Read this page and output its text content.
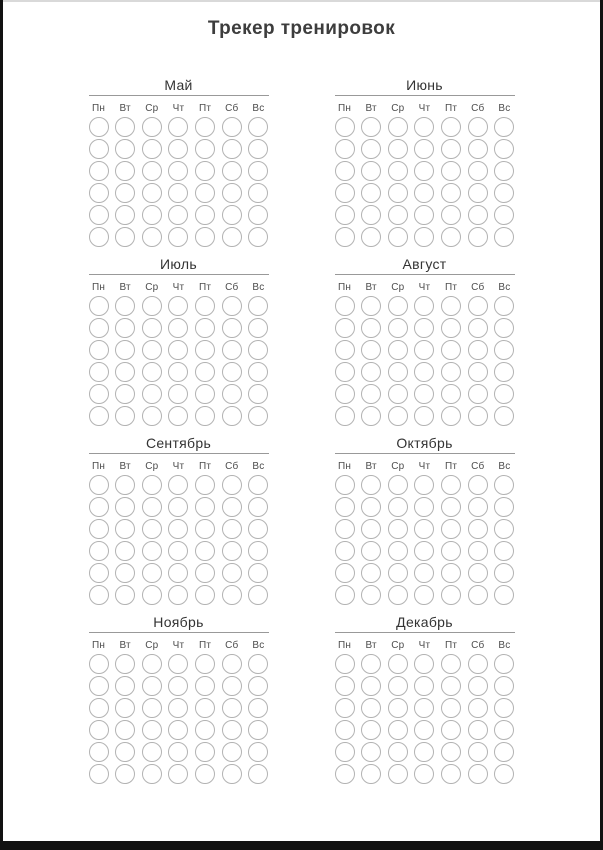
Трекер тренировок
Май
Пн	Вт	Ср	Чт	Пт	Сб	Вс
Июнь
Пн	Вт	Ср	Чт	Пт	Сб	Вс
Июль
Пн	Вт	Ср	Чт	Пт	Сб	Вс
Август
Пн	Вт	Ср	Чт	Пт	Сб	Вс
Сентябрь
Пн	Вт	Ср	Чт	Пт	Сб	Вс
Октябрь
Пн	Вт	Ср	Чт	Пт	Сб	Вс
Ноябрь
Пн	Вт	Ср	Чт	Пт	Сб	Вс
Декабрь
Пн	Вт	Ср	Чт	Пт	Сб	Вс
